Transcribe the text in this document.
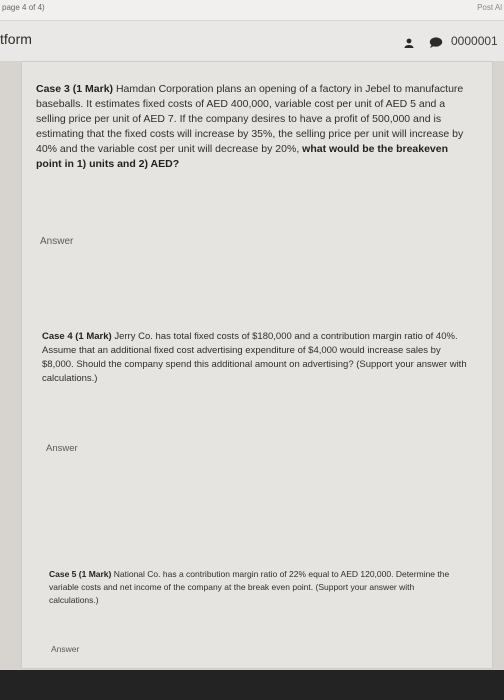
page 4 of 4)	Post Al
tform	0000001
Case 3 (1 Mark) Hamdan Corporation plans an opening of a factory in Jebel to manufacture baseballs. It estimates fixed costs of AED 400,000, variable cost per unit of AED 5 and a selling price per unit of AED 7. If the company desires to have a profit of 500,000 and is estimating that the fixed costs will increase by 35%, the selling price per unit will increase by 40% and the variable cost per unit will decrease by 20%, what would be the breakeven point in 1) units and 2) AED?
Answer
Case 4 (1 Mark) Jerry Co. has total fixed costs of $180,000 and a contribution margin ratio of 40%. Assume that an additional fixed cost advertising expenditure of $4,000 would increase sales by $8,000. Should the company spend this additional amount on advertising? (Support your answer with calculations.)
Answer
Case 5 (1 Mark) National Co. has a contribution margin ratio of 22% equal to AED 120,000. Determine the variable costs and net income of the company at the break even point. (Support your answer with calculations.)
Answer
